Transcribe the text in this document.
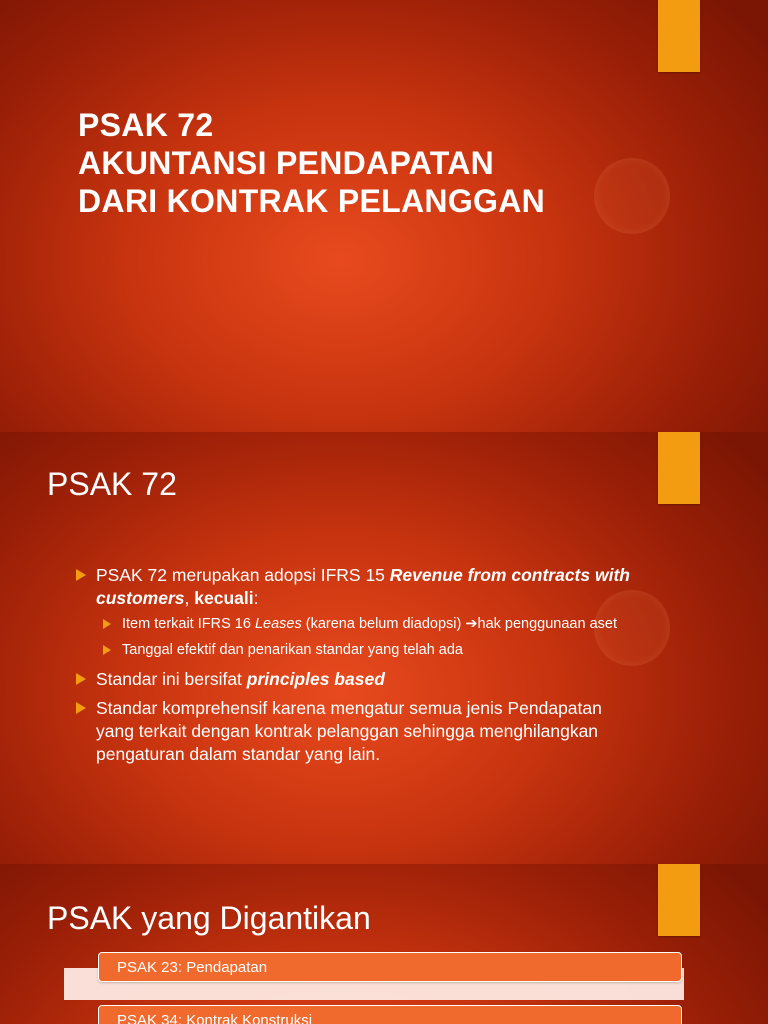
PSAK 72
AKUNTANSI PENDAPATAN
DARI KONTRAK PELANGGAN
PSAK 72
PSAK 72 merupakan adopsi IFRS 15 Revenue from contracts with customers, kecuali:
Item terkait IFRS 16 Leases (karena belum diadopsi) ➔hak penggunaan aset
Tanggal efektif dan penarikan standar yang telah ada
Standar ini bersifat principles based
Standar komprehensif karena mengatur semua jenis Pendapatan yang terkait dengan kontrak pelanggan sehingga menghilangkan pengaturan dalam standar yang lain.
PSAK yang Digantikan
PSAK 23: Pendapatan
PSAK 34: Kontrak Konstruksi
